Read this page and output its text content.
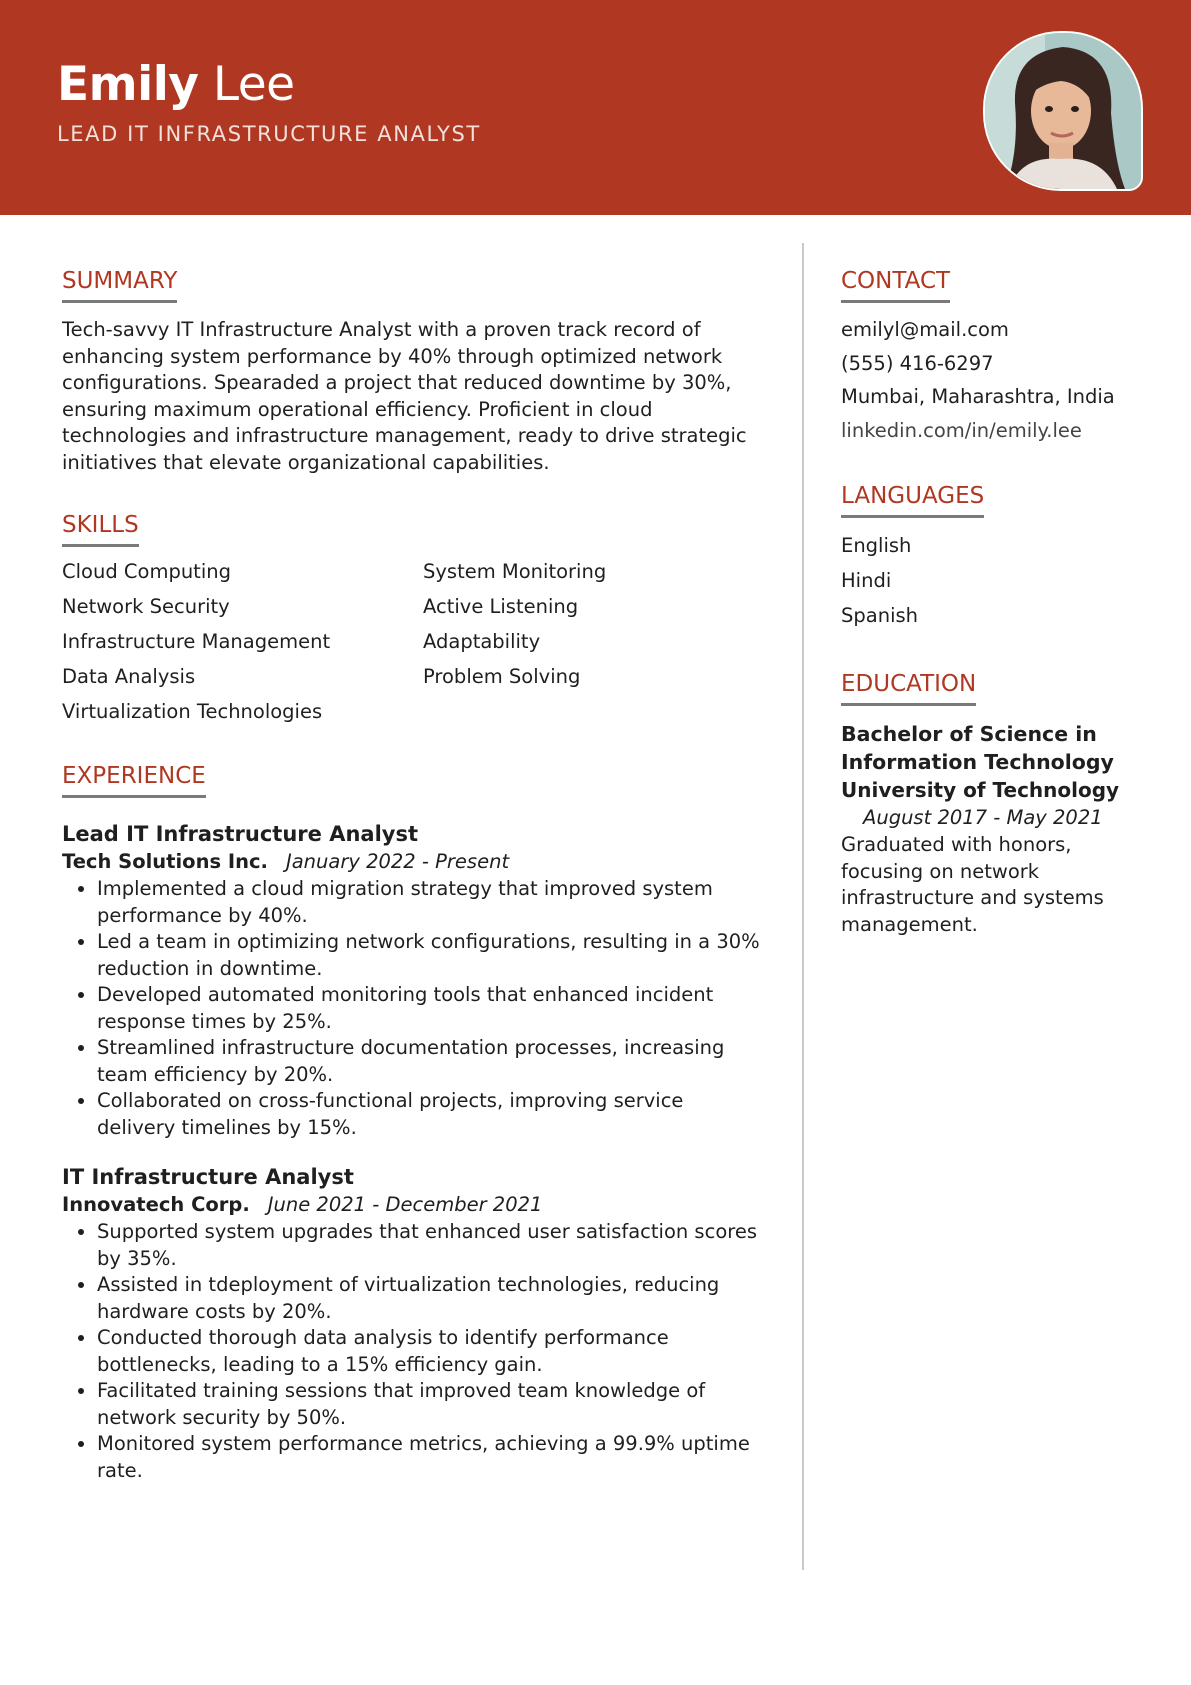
Emily Lee
LEAD IT INFRASTRUCTURE ANALYST
SUMMARY
Tech-savvy IT Infrastructure Analyst with a proven track record of enhancing system performance by 40% through optimized network configurations. Spearaded a project that reduced downtime by 30%, ensuring maximum operational efficiency. Proficient in cloud technologies and infrastructure management, ready to drive strategic initiatives that elevate organizational capabilities.
SKILLS
Cloud Computing	System Monitoring
Network Security	Active Listening
Infrastructure Management	Adaptability
Data Analysis	Problem Solving
Virtualization Technologies
EXPERIENCE
Lead IT Infrastructure Analyst
Tech Solutions Inc. January 2022 - Present
• Implemented a cloud migration strategy that improved system performance by 40%.
• Led a team in optimizing network configurations, resulting in a 30% reduction in downtime.
• Developed automated monitoring tools that enhanced incident response times by 25%.
• Streamlined infrastructure documentation processes, increasing team efficiency by 20%.
• Collaborated on cross-functional projects, improving service delivery timelines by 15%.
IT Infrastructure Analyst
Innovatech Corp. June 2021 - December 2021
• Supported system upgrades that enhanced user satisfaction scores by 35%.
• Assisted in tdeployment of virtualization technologies, reducing hardware costs by 20%.
• Conducted thorough data analysis to identify performance bottlenecks, leading to a 15% efficiency gain.
• Facilitated training sessions that improved team knowledge of network security by 50%.
• Monitored system performance metrics, achieving a 99.9% uptime rate.
CONTACT
emilyl@mail.com
(555) 416-6297
Mumbai, Maharashtra, India
linkedin.com/in/emily.lee
LANGUAGES
English
Hindi
Spanish
EDUCATION
Bachelor of Science in Information Technology
University of Technology
August 2017 - May 2021
Graduated with honors, focusing on network infrastructure and systems management.
